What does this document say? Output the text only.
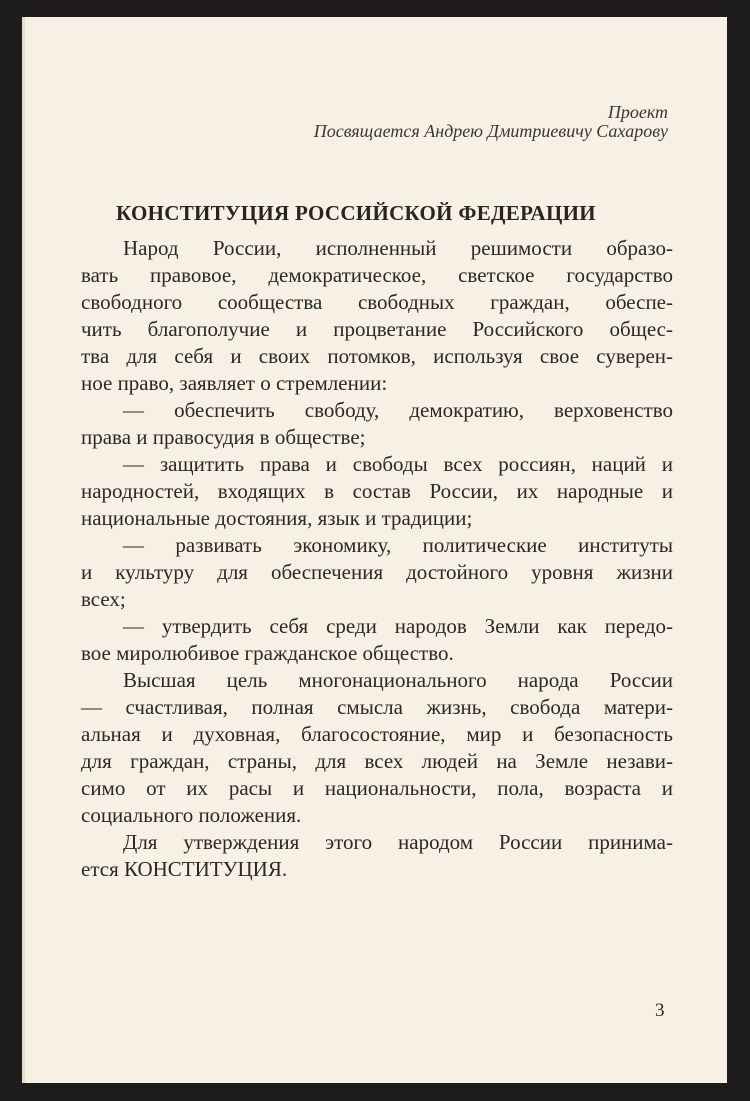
Проект
Посвящается Андрею Дмитриевичу Сахарову
КОНСТИТУЦИЯ РОССИЙСКОЙ ФЕДЕРАЦИИ
Народ России, исполненный решимости образо-
вать правовое, демократическое, светское государство
свободного сообщества свободных граждан, обеспе-
чить благополучие и процветание Российского общес-
тва для себя и своих потомков, используя свое суверен-
ное право, заявляет о стремлении:
— обеспечить свободу, демократию, верховенство
права и правосудия в обществе;
— защитить права и свободы всех россиян, наций и
народностей, входящих в состав России, их народные и
национальные достояния, язык и традиции;
— развивать экономику, политические институты
и культуру для обеспечения достойного уровня жизни
всех;
— утвердить себя среди народов Земли как передо-
вое миролюбивое гражданское общество.
Высшая цель многонационального народа России
— счастливая, полная смысла жизнь, свобода матери-
альная и духовная, благосостояние, мир и безопасность
для граждан, страны, для всех людей на Земле незави-
симо от их расы и национальности, пола, возраста и
социального положения.
Для утверждения этого народом России принима-
ется КОНСТИТУЦИЯ.
3
